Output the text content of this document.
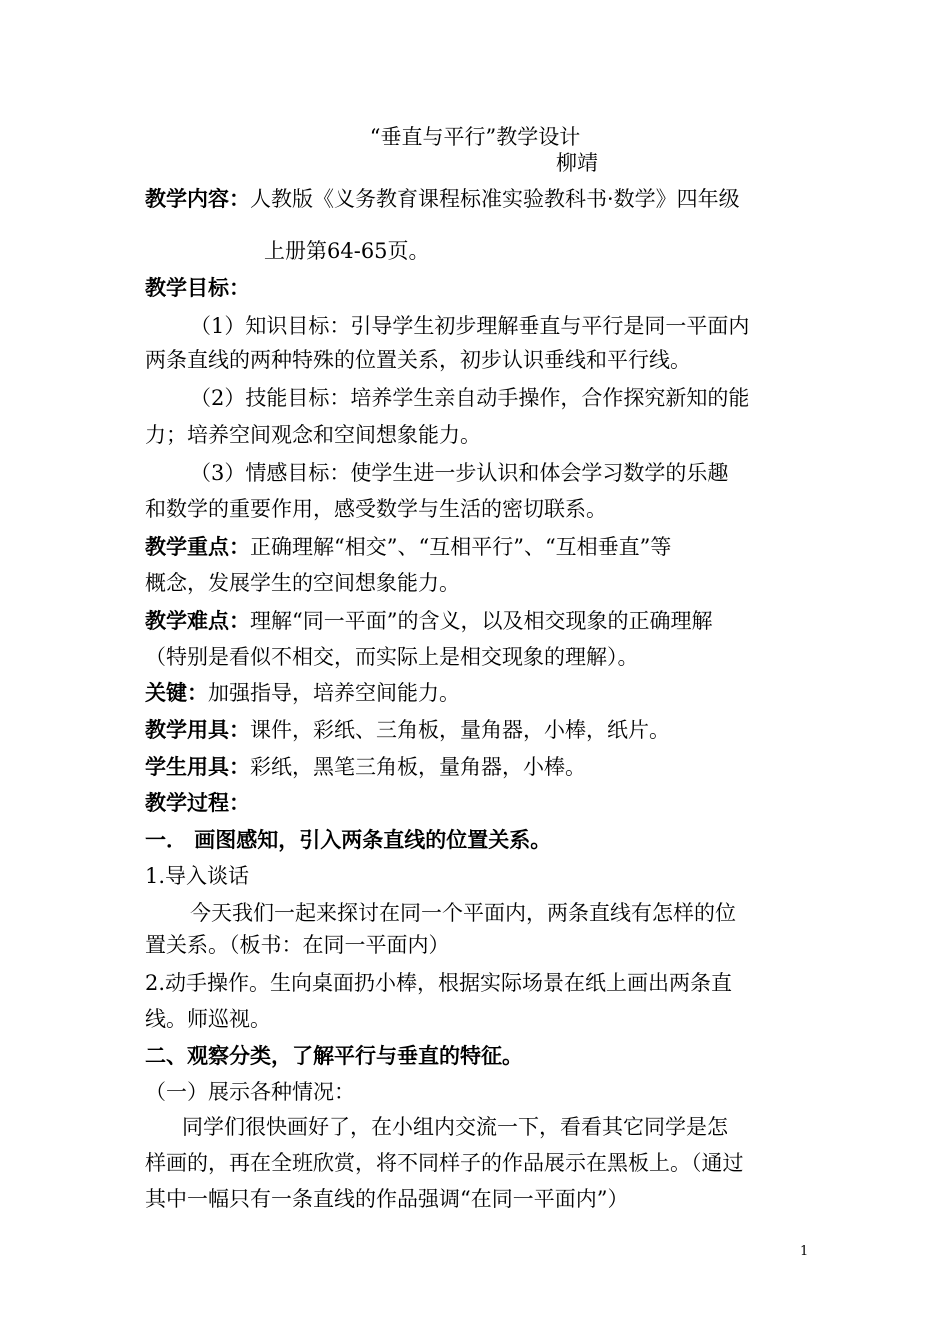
“垂直与平行”教学设计
柳靖
教学内容：人教版《义务教育课程标准实验教科书·数学》四年级
上册第64-65页。
教学目标：
（1）知识目标：引导学生初步理解垂直与平行是同一平面内
两条直线的两种特殊的位置关系，初步认识垂线和平行线。
（2）技能目标：培养学生亲自动手操作，合作探究新知的能
力；培养空间观念和空间想象能力。
（3）情感目标：使学生进一步认识和体会学习数学的乐趣
和数学的重要作用，感受数学与生活的密切联系。
教学重点：正确理解“相交”、“互相平行”、“互相垂直”等
概念，发展学生的空间想象能力。
教学难点：理解“同一平面”的含义，以及相交现象的正确理解
（特别是看似不相交，而实际上是相交现象的理解）。
关键：加强指导，培养空间能力。
教学用具：课件，彩纸、三角板，量角器，小棒，纸片。
学生用具：彩纸，黑笔三角板，量角器，小棒。
教学过程：
一． 画图感知，引入两条直线的位置关系。
1.导入谈话
今天我们一起来探讨在同一个平面内，两条直线有怎样的位
置关系。（板书：在同一平面内）
2.动手操作。生向桌面扔小棒，根据实际场景在纸上画出两条直
线。师巡视。
二、观察分类，了解平行与垂直的特征。
（一）展示各种情况：
同学们很快画好了，在小组内交流一下，看看其它同学是怎
样画的，再在全班欣赏，将不同样子的作品展示在黑板上。（通过
其中一幅只有一条直线的作品强调“在同一平面内”）
1
